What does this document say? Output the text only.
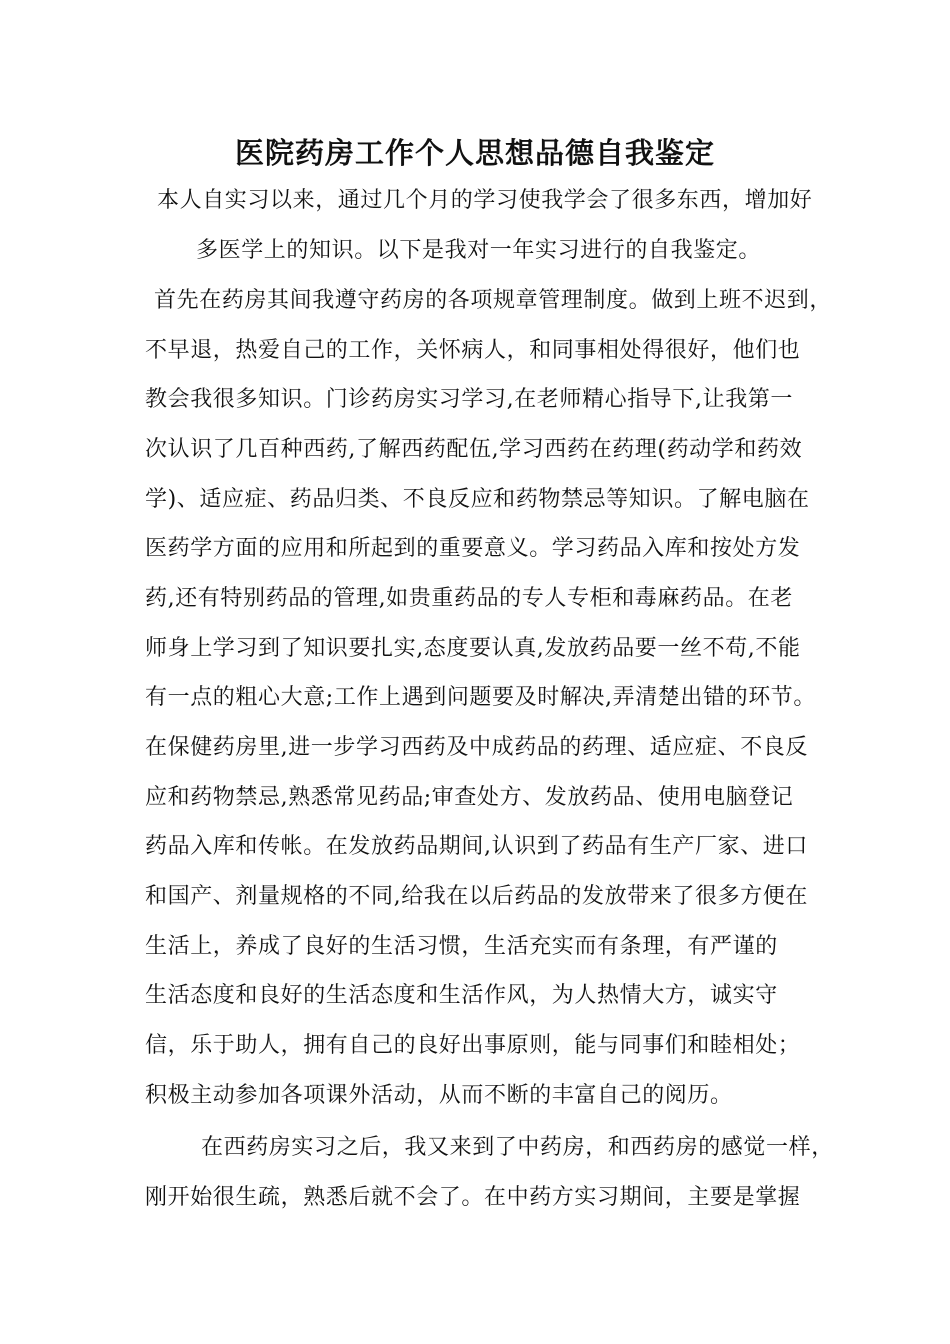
医院药房工作个人思想品德自我鉴定
本人自实习以来，通过几个月的学习使我学会了很多东西，增加好
多医学上的知识。以下是我对一年实习进行的自我鉴定。
首先在药房其间我遵守药房的各项规章管理制度。做到上班不迟到，
不早退，热爱自己的工作，关怀病人，和同事相处得很好，他们也
教会我很多知识。门诊药房实习学习,在老师精心指导下,让我第一
次认识了几百种西药,了解西药配伍,学习西药在药理(药动学和药效
学)、适应症、药品归类、不良反应和药物禁忌等知识。了解电脑在
医药学方面的应用和所起到的重要意义。学习药品入库和按处方发
药,还有特别药品的管理,如贵重药品的专人专柜和毒麻药品。在老
师身上学习到了知识要扎实,态度要认真,发放药品要一丝不苟,不能
有一点的粗心大意;工作上遇到问题要及时解决,弄清楚出错的环节。
在保健药房里,进一步学习西药及中成药品的药理、适应症、不良反
应和药物禁忌,熟悉常见药品;审查处方、发放药品、使用电脑登记
药品入库和传帐。在发放药品期间,认识到了药品有生产厂家、进口
和国产、剂量规格的不同,给我在以后药品的发放带来了很多方便在
生活上，养成了良好的生活习惯，生活充实而有条理，有严谨的
生活态度和良好的生活态度和生活作风，为人热情大方，诚实守
信，乐于助人，拥有自己的良好出事原则，能与同事们和睦相处；
积极主动参加各项课外活动，从而不断的丰富自己的阅历。
在西药房实习之后，我又来到了中药房，和西药房的感觉一样，
刚开始很生疏，熟悉后就不会了。在中药方实习期间，主要是掌握
